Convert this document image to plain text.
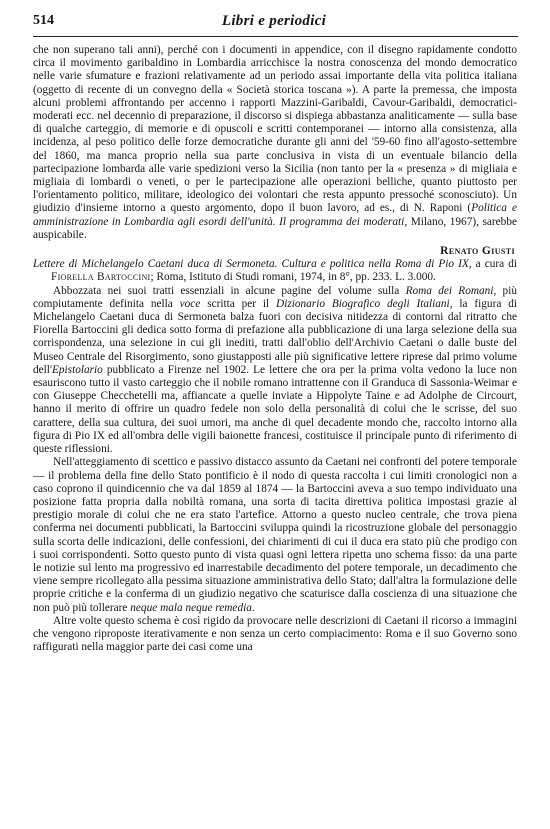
514	Libri e periodici

che non superano tali anni), perché con i documenti in appendice, con il disegno rapidamente condotto circa il movimento garibaldino in Lombardia arricchisce la nostra conoscenza del mondo democratico nelle varie sfumature e frazioni relativamente ad un periodo assai importante della vita politica italiana (oggetto di recente di un convegno della « Società storica toscana »). A parte la premessa, che imposta alcuni problemi affrontando per accenno i rapporti Mazzini-Garibaldi, Cavour-Garibaldi, democratici-moderati ecc. nel decennio di preparazione, il discorso si dispiega abbastanza analiticamente — sulla base di qualche carteggio, di memorie e di opuscoli e scritti contemporanei — intorno alla consistenza, alla incidenza, al peso politico delle forze democratiche durante gli anni del '59-60 fino all'agosto-settembre del 1860, ma manca proprio nella sua parte conclusiva in vista di un eventuale bilancio della partecipazione lombarda alle varie spedizioni verso la Sicilia (non tanto per la « presenza » di migliaia e migliaia di lombardi o veneti, o per le partecipazione alle operazioni belliche, quanto piuttosto per l'orientamento politico, militare, ideologico dei volontari che resta appunto pressoché sconosciuto). Un giudizio d'insieme intorno a questo argomento, dopo il buon lavoro, ad es., di N. Raponi (Politica e amministrazione in Lombardia agli esordi dell'unità. Il programma dei moderati, Milano, 1967), sarebbe auspicabile.

Renato Giusti

Lettere di Michelangelo Caetani duca di Sermoneta. Cultura e politica nella Roma di Pio IX, a cura di Fiorella Bartoccini; Roma, Istituto di Studi romani, 1974, in 8°, pp. 233. L. 3.000.

Abbozzata nei suoi tratti essenziali in alcune pagine del volume sulla Roma dei Romani, più compiutamente definita nella voce scritta per il Dizionario Biografico degli Italiani, la figura di Michelangelo Caetani duca di Sermoneta balza fuori con decisiva nitidezza di contorni dal ritratto che Fiorella Bartoccini gli dedica sotto forma di prefazione alla pubblicazione di una larga selezione della sua corrispondenza, una selezione in cui gli inediti, tratti dall'oblio dell'Archivio Caetani o dalle buste del Museo Centrale del Risorgimento, sono giustapposti alle più significative lettere riprese dal primo volume dell'Epistolario pubblicato a Firenze nel 1902. Le lettere che ora per la prima volta vedono la luce non esauriscono tutto il vasto carteggio che il nobile romano intrattenne con il Granduca di Sassonia-Weimar e con Giuseppe Checchetelli ma, affiancate a quelle inviate a Hippolyte Taine e ad Adolphe de Circourt, hanno il merito di offrire un quadro fedele non solo della personalità di colui che le scrisse, del suo carattere, della sua cultura, dei suoi umori, ma anche di quel decadente mondo che, raccolto intorno alla figura di Pio IX ed all'ombra delle vigili baionette francesi, costituisce il principale punto di riferimento di queste riflessioni.

Nell'atteggiamento di scettico e passivo distacco assunto da Caetani nei confronti del potere temporale — il problema della fine dello Stato pontificio è il nodo di questa raccolta i cui limiti cronologici non a caso coprono il quindicennio che va dal 1859 al 1874 — la Bartoccini aveva a suo tempo individuato una posizione fatta propria dalla nobiltà romana, una sorta di tacita direttiva politica impostasi grazie al prestigio morale di colui che ne era stato l'artefice. Attorno a questo nucleo centrale, che trova piena conferma nei documenti pubblicati, la Bartoccini sviluppa quindi la ricostruzione globale del personaggio sulla scorta delle indicazioni, delle confessioni, dei chiarimenti di cui il duca era stato più che prodigo con i suoi corrispondenti. Sotto questo punto di vista quasi ogni lettera ripetta uno schema fisso: da una parte le notizie sul lento ma progressivo ed inarrestabile decadimento del potere temporale, un decadimento che viene sempre ricollegato alla pessima situazione amministrativa dello Stato; dall'altra la formulazione delle proprie critiche e la conferma di un giudizio negativo che scaturisce dalla coscienza di una situazione che non può più tollerare neque mala neque remedia.

Altre volte questo schema è così rigido da provocare nelle descrizioni di Caetani il ricorso a immagini che vengono riproposte iterativamente e non senza un certo compiacimento: Roma e il suo Governo sono raffigurati nella maggior parte dei casi come una
